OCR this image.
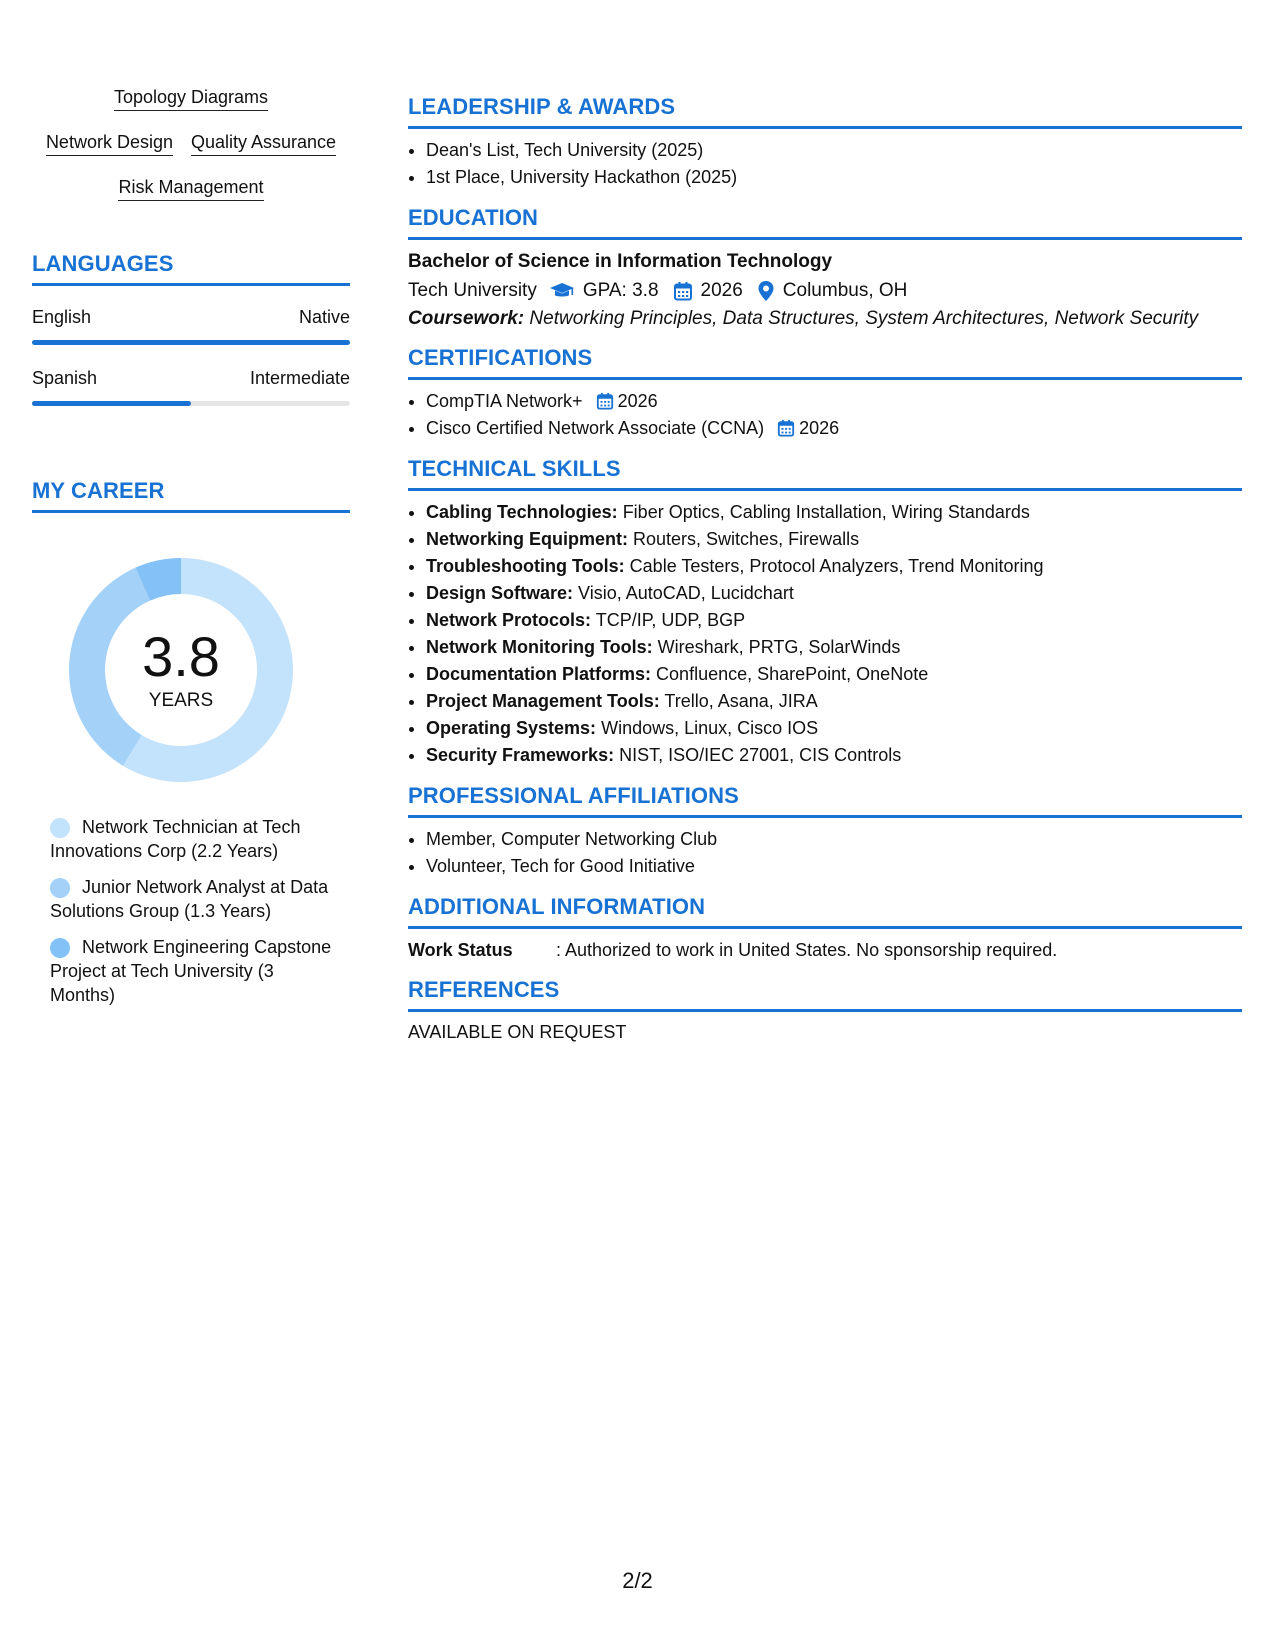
Topology Diagrams
Network Design Quality Assurance
Risk Management
LANGUAGES
English	Native
Spanish	Intermediate
MY CAREER
3.8
YEARS
Network Technician at Tech Innovations Corp (2.2 Years)
Junior Network Analyst at Data Solutions Group (1.3 Years)
Network Engineering Capstone Project at Tech University (3 Months)
LEADERSHIP & AWARDS
• Dean's List, Tech University (2025)
• 1st Place, University Hackathon (2025)
EDUCATION
Bachelor of Science in Information Technology
Tech University GPA: 3.8 2026 Columbus, OH
Coursework: Networking Principles, Data Structures, System Architectures, Network Security
CERTIFICATIONS
• CompTIA Network+ 2026
• Cisco Certified Network Associate (CCNA) 2026
TECHNICAL SKILLS
• Cabling Technologies: Fiber Optics, Cabling Installation, Wiring Standards
• Networking Equipment: Routers, Switches, Firewalls
• Troubleshooting Tools: Cable Testers, Protocol Analyzers, Trend Monitoring
• Design Software: Visio, AutoCAD, Lucidchart
• Network Protocols: TCP/IP, UDP, BGP
• Network Monitoring Tools: Wireshark, PRTG, SolarWinds
• Documentation Platforms: Confluence, SharePoint, OneNote
• Project Management Tools: Trello, Asana, JIRA
• Operating Systems: Windows, Linux, Cisco IOS
• Security Frameworks: NIST, ISO/IEC 27001, CIS Controls
PROFESSIONAL AFFILIATIONS
• Member, Computer Networking Club
• Volunteer, Tech for Good Initiative
ADDITIONAL INFORMATION
Work Status	: Authorized to work in United States. No sponsorship required.
REFERENCES
AVAILABLE ON REQUEST
2/2
